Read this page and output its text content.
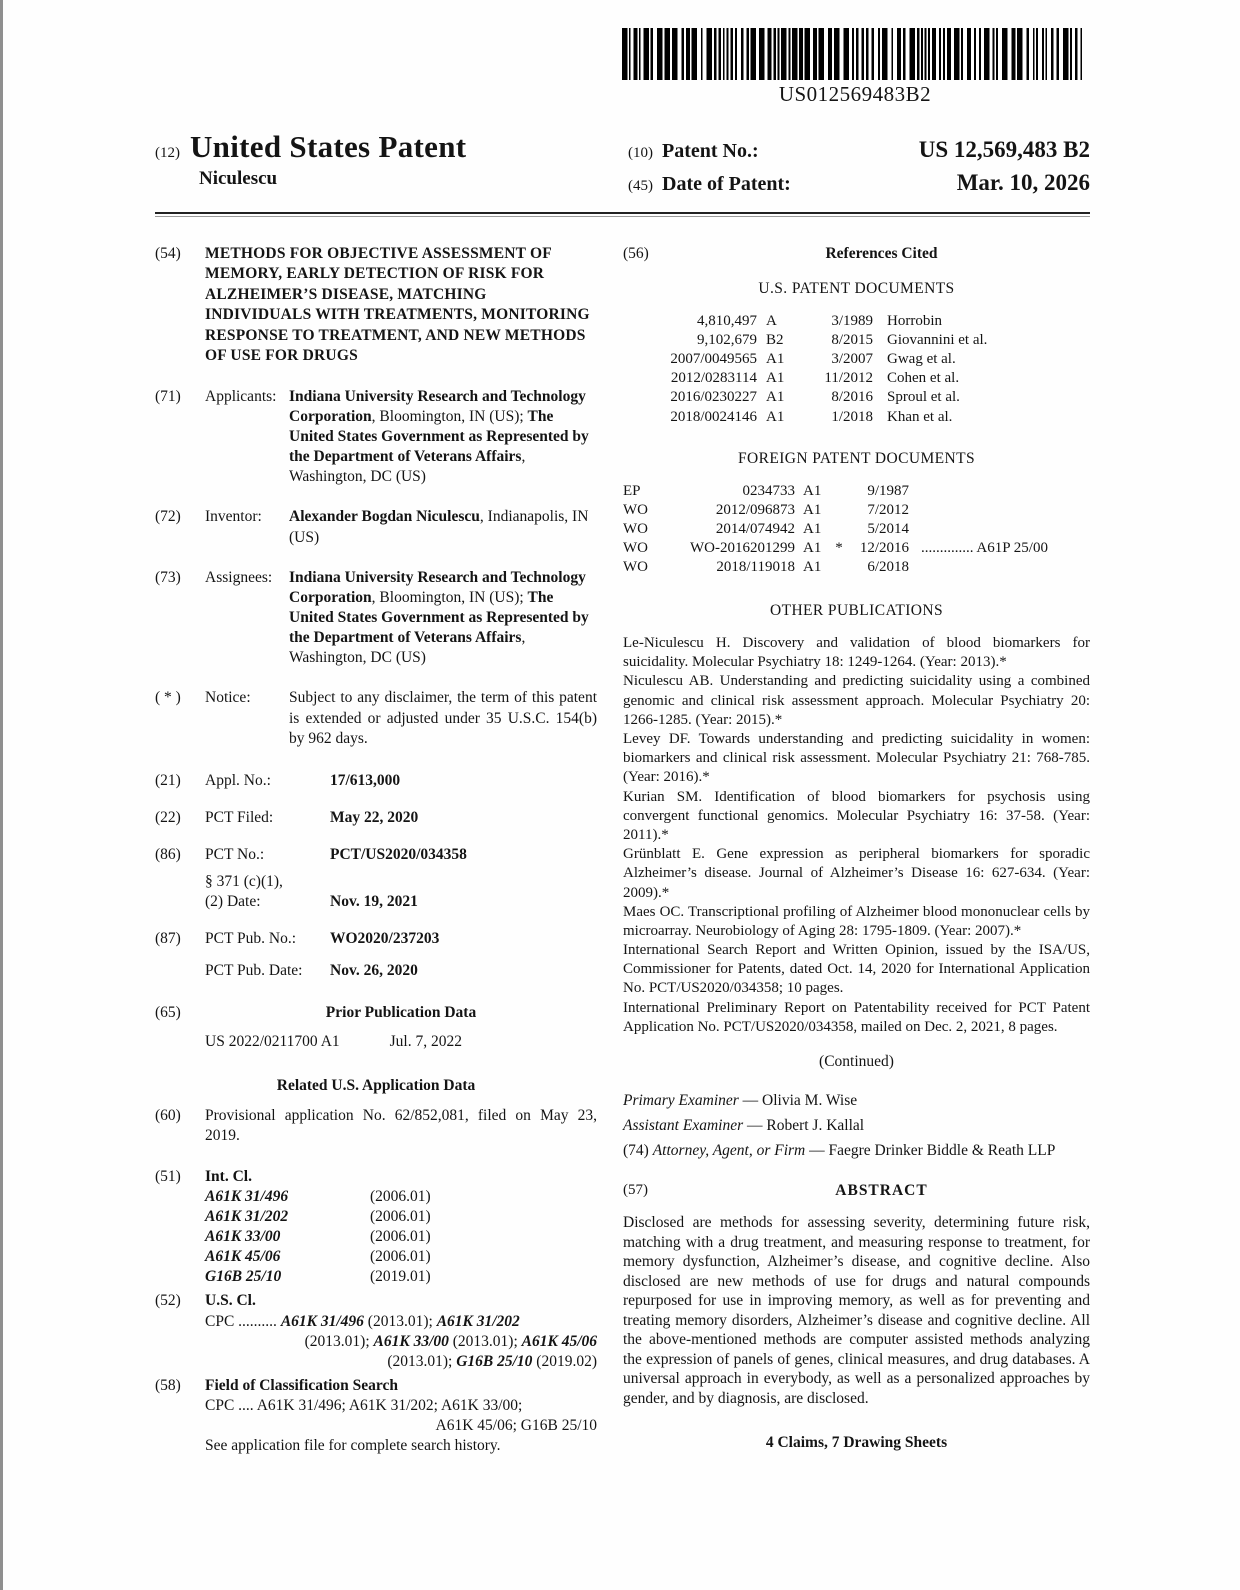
US012569483B2
(12) United States Patent
Niculescu
(10) Patent No.:	US 12,569,483 B2
(45) Date of Patent:	Mar. 10, 2026
(54)	METHODS FOR OBJECTIVE ASSESSMENT OF MEMORY, EARLY DETECTION OF RISK FOR ALZHEIMER’S DISEASE, MATCHING INDIVIDUALS WITH TREATMENTS, MONITORING RESPONSE TO TREATMENT, AND NEW METHODS OF USE FOR DRUGS
(71)	Applicants: Indiana University Research and Technology Corporation, Bloomington, IN (US); The United States Government as Represented by the Department of Veterans Affairs, Washington, DC (US)
(72)	Inventor:	Alexander Bogdan Niculescu, Indianapolis, IN (US)
(73)	Assignees:	Indiana University Research and Technology Corporation, Bloomington, IN (US); The United States Government as Represented by the Department of Veterans Affairs, Washington, DC (US)
( * )	Notice:	Subject to any disclaimer, the term of this patent is extended or adjusted under 35 U.S.C. 154(b) by 962 days.
(21)	Appl. No.:	17/613,000
(22)	PCT Filed:	May 22, 2020
(86)	PCT No.:	PCT/US2020/034358
§ 371 (c)(1),
(2) Date:	Nov. 19, 2021
(87)	PCT Pub. No.:	WO2020/237203
PCT Pub. Date:	Nov. 26, 2020
(65)	Prior Publication Data
US 2022/0211700 A1	Jul. 7, 2022
Related U.S. Application Data
(60)	Provisional application No. 62/852,081, filed on May 23, 2019.
(51)	Int. Cl.
A61K 31/496	(2006.01)
A61K 31/202	(2006.01)
A61K 33/00	(2006.01)
A61K 45/06	(2006.01)
G16B 25/10	(2019.01)
(52)	U.S. Cl.
CPC .......... A61K 31/496 (2013.01); A61K 31/202
(2013.01); A61K 33/00 (2013.01); A61K 45/06
(2013.01); G16B 25/10 (2019.02)
(58)	Field of Classification Search
CPC .... A61K 31/496; A61K 31/202; A61K 33/00;
A61K 45/06; G16B 25/10
See application file for complete search history.
(56)	References Cited
U.S. PATENT DOCUMENTS
4,810,497 A	3/1989 Horrobin
9,102,679 B2	8/2015 Giovannini et al.
2007/0049565 A1	3/2007 Gwag et al.
2012/0283114 A1	11/2012 Cohen et al.
2016/0230227 A1	8/2016 Sproul et al.
2018/0024146 A1	1/2018 Khan et al.
FOREIGN PATENT DOCUMENTS
EP	0234733 A1	9/1987
WO	2012/096873 A1	7/2012
WO	2014/074942 A1	5/2014
WO	WO-2016201299 A1 *	12/2016 .............. A61P 25/00
WO	2018/119018 A1	6/2018
OTHER PUBLICATIONS

Le-Niculescu H. Discovery and validation of blood biomarkers for suicidality. Molecular Psychiatry 18: 1249-1264. (Year: 2013).*

Niculescu AB. Understanding and predicting suicidality using a combined genomic and clinical risk assessment approach. Molecular Psychiatry 20: 1266-1285. (Year: 2015).*

Levey DF. Towards understanding and predicting suicidality in women: biomarkers and clinical risk assessment. Molecular Psychiatry 21: 768-785. (Year: 2016).*

Kurian SM. Identification of blood biomarkers for psychosis using convergent functional genomics. Molecular Psychiatry 16: 37-58. (Year: 2011).*

Grünblatt E. Gene expression as peripheral biomarkers for sporadic Alzheimer’s disease. Journal of Alzheimer’s Disease 16: 627-634. (Year: 2009).*

Maes OC. Transcriptional profiling of Alzheimer blood mononuclear cells by microarray. Neurobiology of Aging 28: 1795-1809. (Year: 2007).*

International Search Report and Written Opinion, issued by the ISA/US, Commissioner for Patents, dated Oct. 14, 2020 for International Application No. PCT/US2020/034358; 10 pages.

International Preliminary Report on Patentability received for PCT Patent Application No. PCT/US2020/034358, mailed on Dec. 2, 2021, 8 pages.

(Continued)
Primary Examiner — Olivia M. Wise
Assistant Examiner — Robert J. Kallal
(74) Attorney, Agent, or Firm — Faegre Drinker Biddle & Reath LLP
(57)	ABSTRACT

Disclosed are methods for assessing severity, determining future risk, matching with a drug treatment, and measuring response to treatment, for memory dysfunction, Alzheimer’s disease, and cognitive decline. Also disclosed are new methods of use for drugs and natural compounds repurposed for use in improving memory, as well as for preventing and treating memory disorders, Alzheimer’s disease and cognitive decline. All the above-mentioned methods are computer assisted methods analyzing the expression of panels of genes, clinical measures, and drug databases. A universal approach in everybody, as well as a personalized approaches by gender, and by diagnosis, are disclosed.

4 Claims, 7 Drawing Sheets
